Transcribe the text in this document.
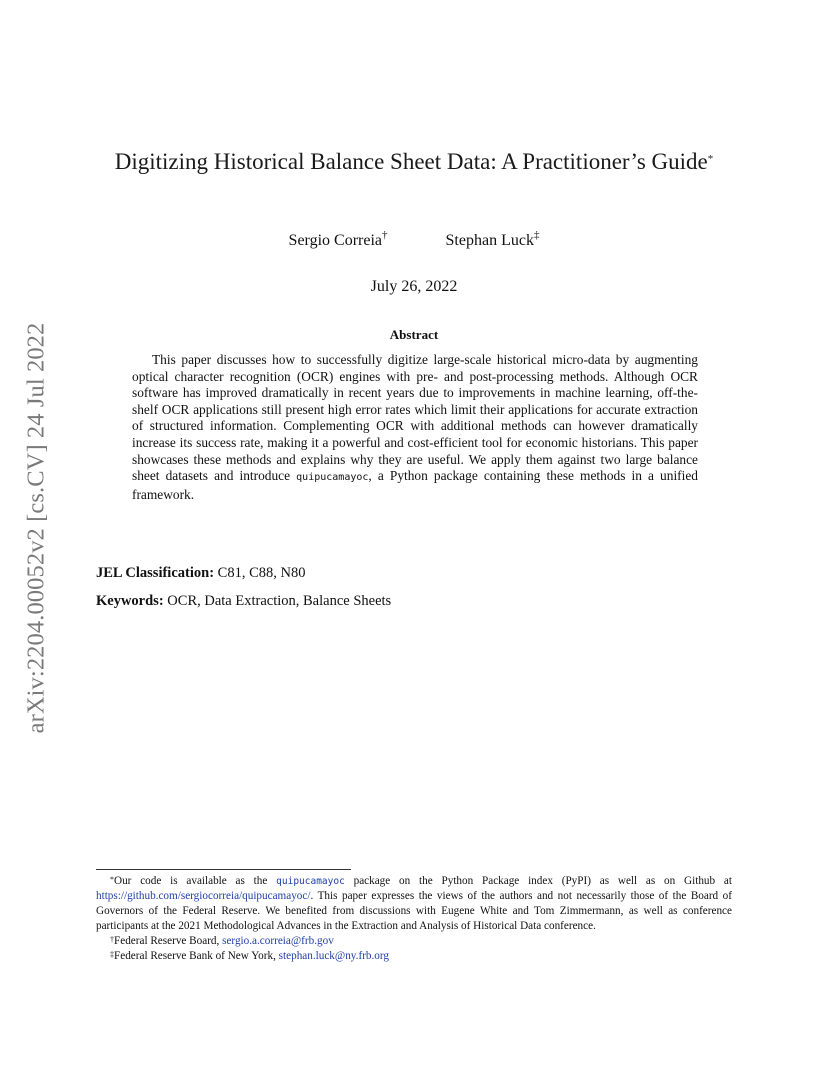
arXiv:2204.00052v2 [cs.CV] 24 Jul 2022
Digitizing Historical Balance Sheet Data: A Practitioner’s Guide*
Sergio Correia†	Stephan Luck‡
July 26, 2022
Abstract

This paper discusses how to successfully digitize large-scale historical micro-data by augmenting optical character recognition (OCR) engines with pre- and post-processing methods. Although OCR software has improved dramatically in recent years due to improvements in machine learning, off-the-shelf OCR applications still present high error rates which limit their applications for accurate extraction of structured information. Complementing OCR with additional methods can however dramatically increase its success rate, making it a powerful and cost-efficient tool for economic historians. This paper showcases these methods and explains why they are useful. We apply them against two large balance sheet datasets and introduce quipucamayoc, a Python package containing these methods in a unified framework.

JEL Classification: C81, C88, N80
Keywords: OCR, Data Extraction, Balance Sheets

*Our code is available as the quipucamayoc package on the Python Package index (PyPI) as well as on Github at https://github.com/sergiocorreia/quipucamayoc/. This paper expresses the views of the authors and not necessarily those of the Board of Governors of the Federal Reserve. We benefited from discussions with Eugene White and Tom Zimmermann, as well as conference participants at the 2021 Methodological Advances in the Extraction and Analysis of Historical Data conference.

†Federal Reserve Board, sergio.a.correia@frb.gov

‡Federal Reserve Bank of New York, stephan.luck@ny.frb.org
